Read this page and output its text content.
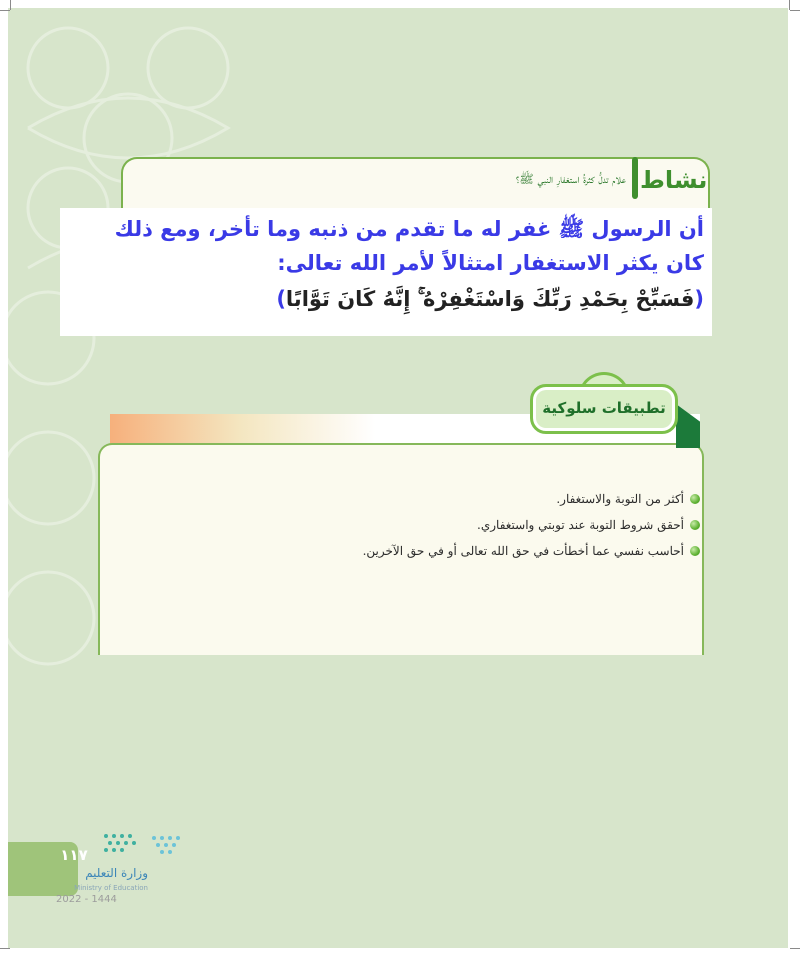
نشاط
علام تدلُّ كثرةُ استغفارِ النبي ﷺ؟
أن الرسول ﷺ غفر له ما تقدم من ذنبه وما تأخر، ومع ذلك
كان يكثر الاستغفار امتثالاً لأمر الله تعالى:
(فَسَبِّحْ بِحَمْدِ رَبِّكَ وَاسْتَغْفِرْهُ ۚ إِنَّهُ كَانَ تَوَّابًا)
تطبيقات سلوكية
أكثر من التوبة والاستغفار.
أحقق شروط التوبة عند توبتي واستغفاري.
أحاسب نفسي عما أخطأت في حق الله تعالى أو في حق الآخرين.
١١٧
وزارة التعليم
Ministry of Education
2022 - 1444
